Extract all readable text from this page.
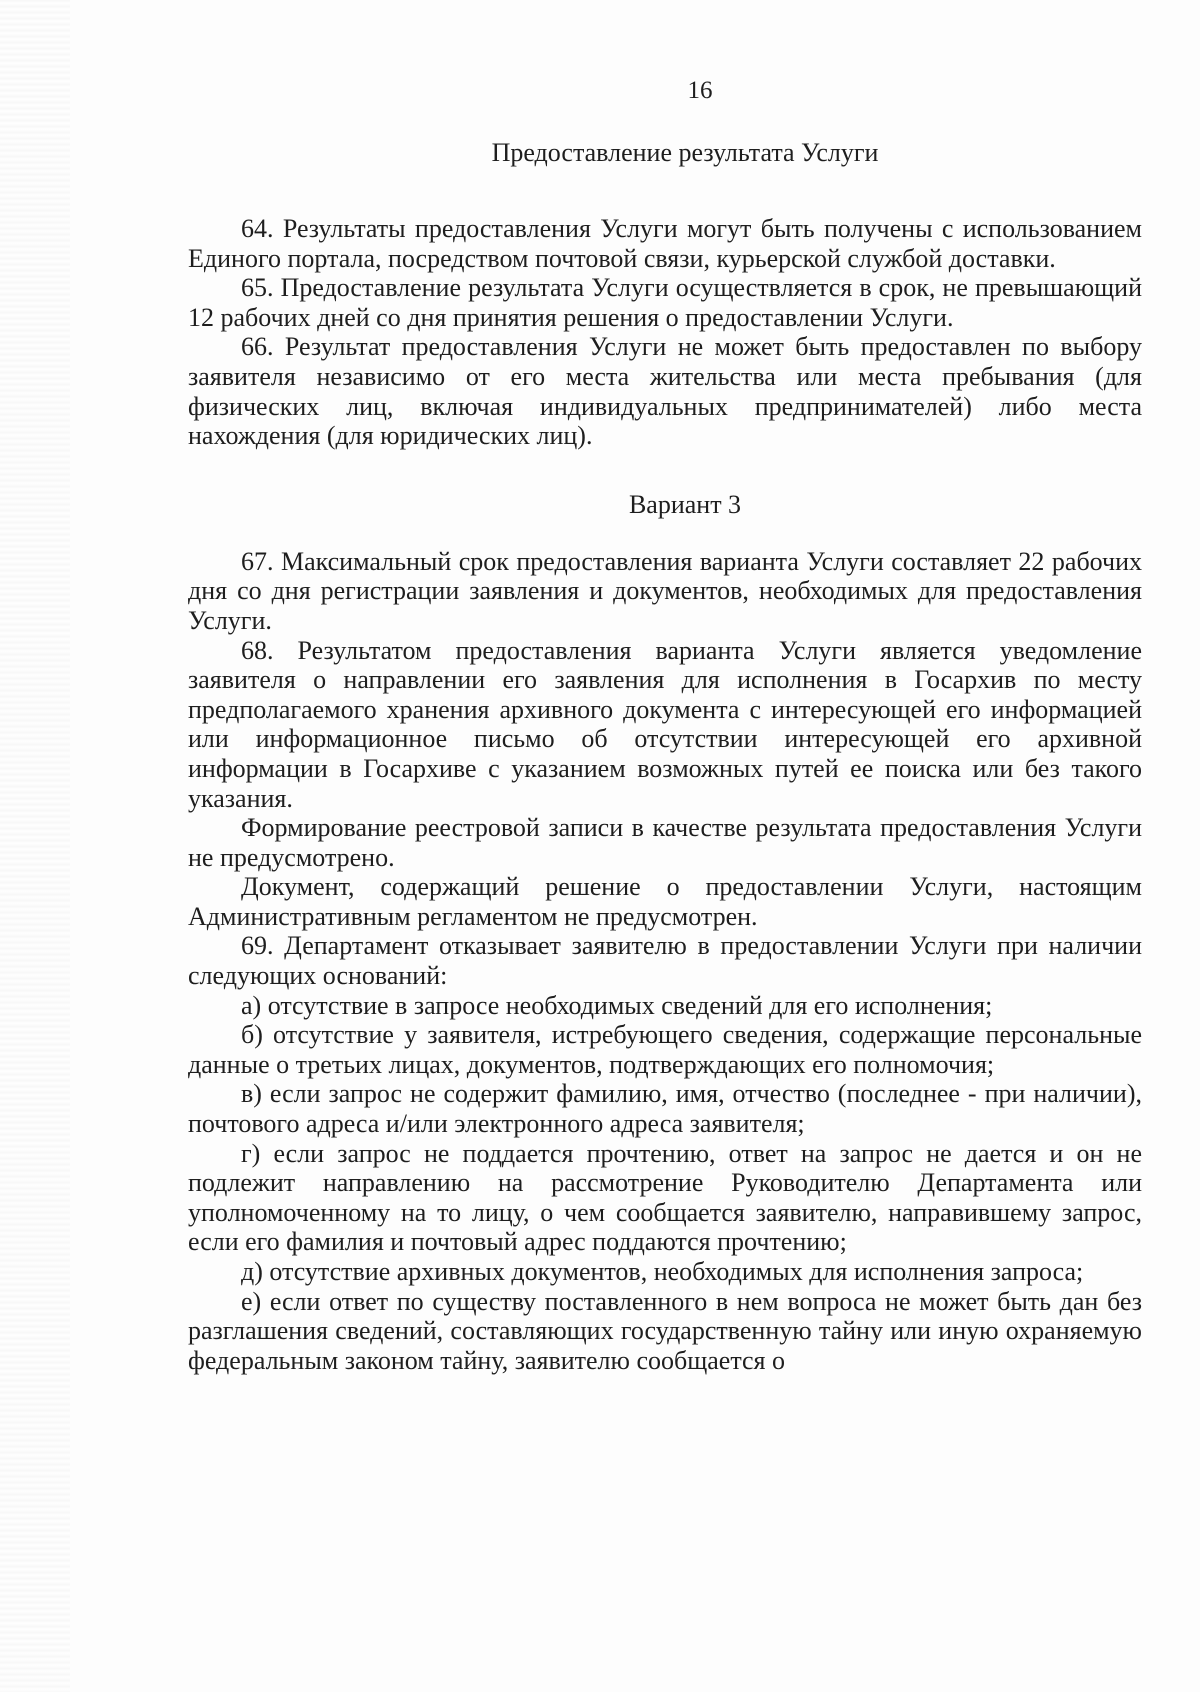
16
Предоставление результата Услуги

64. Результаты предоставления Услуги могут быть получены с использованием Единого портала, посредством почтовой связи, курьерской службой доставки.

65. Предоставление результата Услуги осуществляется в срок, не превышающий 12 рабочих дней со дня принятия решения о предоставлении Услуги.

66. Результат предоставления Услуги не может быть предоставлен по выбору заявителя независимо от его места жительства или места пребывания (для физических лиц, включая индивидуальных предпринимателей) либо места нахождения (для юридических лиц).

Вариант 3

67. Максимальный срок предоставления варианта Услуги составляет 22 рабочих дня со дня регистрации заявления и документов, необходимых для предоставления Услуги.

68. Результатом предоставления варианта Услуги является уведомление заявителя о направлении его заявления для исполнения в Госархив по месту предполагаемого хранения архивного документа с интересующей его информацией или информационное письмо об отсутствии интересующей его архивной информации в Госархиве с указанием возможных путей ее поиска или без такого указания.

Формирование реестровой записи в качестве результата предоставления Услуги не предусмотрено.

Документ, содержащий решение о предоставлении Услуги, настоящим Административным регламентом не предусмотрен.

69. Департамент отказывает заявителю в предоставлении Услуги при наличии следующих оснований:

а) отсутствие в запросе необходимых сведений для его исполнения;

б) отсутствие у заявителя, истребующего сведения, содержащие персональные данные о третьих лицах, документов, подтверждающих его полномочия;

в) если запрос не содержит фамилию, имя, отчество (последнее - при наличии), почтового адреса и/или электронного адреса заявителя;

г) если запрос не поддается прочтению, ответ на запрос не дается и он не подлежит направлению на рассмотрение Руководителю Департамента или уполномоченному на то лицу, о чем сообщается заявителю, направившему запрос, если его фамилия и почтовый адрес поддаются прочтению;

д) отсутствие архивных документов, необходимых для исполнения запроса;

е) если ответ по существу поставленного в нем вопроса не может быть дан без разглашения сведений, составляющих государственную тайну или иную охраняемую федеральным законом тайну, заявителю сообщается о
